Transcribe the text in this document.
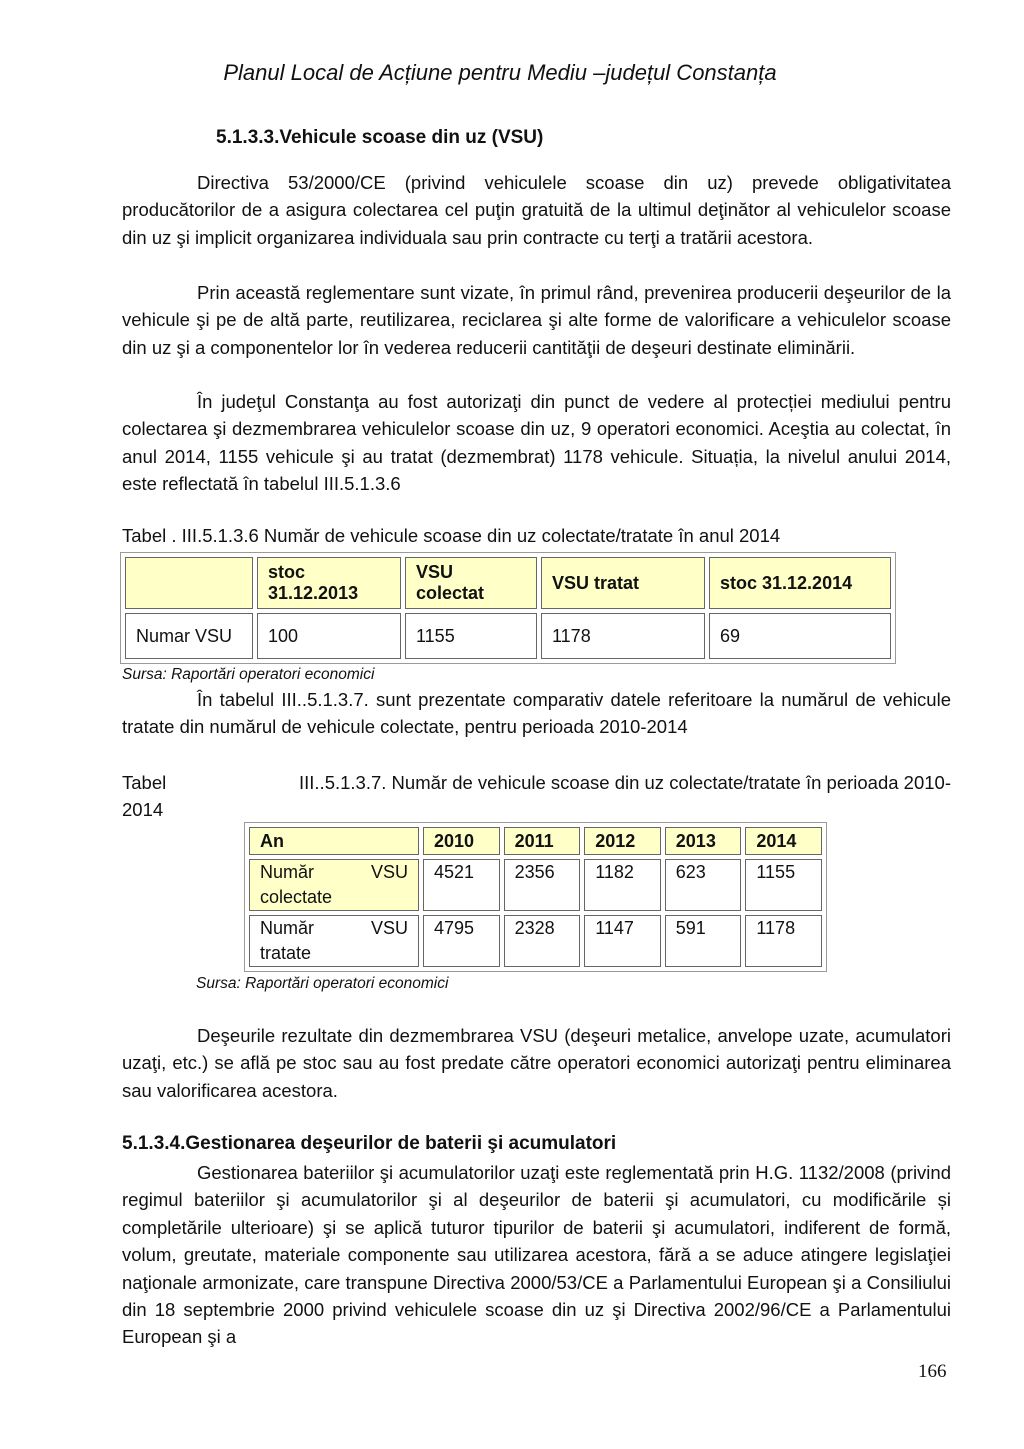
Planul Local de Acțiune pentru Mediu –județul Constanța
5.1.3.3.Vehicule scoase din uz (VSU)
Directiva 53/2000/CE (privind vehiculele scoase din uz) prevede obligativitatea producătorilor de a asigura colectarea cel puţin gratuită de la ultimul deţinător al vehiculelor scoase din uz şi implicit organizarea individuala sau prin contracte cu terţi a tratării acestora.
Prin această reglementare sunt vizate, în primul rând, prevenirea producerii deşeurilor de la vehicule şi pe de altă parte, reutilizarea, reciclarea şi alte forme de valorificare a vehiculelor scoase din uz şi a componentelor lor în vederea reducerii cantităţii de deşeuri destinate eliminării.
În judeţul Constanţa au fost autorizaţi din punct de vedere al protecției mediului pentru colectarea şi dezmembrarea vehiculelor scoase din uz, 9 operatori economici. Aceştia au colectat, în anul 2014, 1155 vehicule şi au tratat (dezmembrat) 1178 vehicule. Situația, la nivelul anului 2014, este reflectată în tabelul III.5.1.3.6
Tabel . III.5.1.3.6 Număr de vehicule scoase din uz colectate/tratate în anul 2014
	stoc 31.12.2013	VSU colectat	VSU tratat	stoc 31.12.2014
Numar VSU	100	1155	1178	69
Sursa: Raportări operatori economici
În tabelul III..5.1.3.7. sunt prezentate comparativ datele referitoare la numărul de vehicule tratate din numărul de vehicule colectate, pentru perioada 2010-2014
Tabel	III..5.1.3.7. Număr de vehicule scoase din uz colectate/tratate în perioada 2010-
2014
An	2010	2011	2012	2013	2014

Număr VSU
colectate	4521	2356	1182	623	1155

Număr VSU
tratate	4795	2328	1147	591	1178
Sursa: Raportări operatori economici
Deşeurile rezultate din dezmembrarea VSU (deşeuri metalice, anvelope uzate, acumulatori uzaţi, etc.) se află pe stoc sau au fost predate către operatori economici autorizaţi pentru eliminarea sau valorificarea acestora.
5.1.3.4.Gestionarea deşeurilor de baterii şi acumulatori
Gestionarea bateriilor şi acumulatorilor uzaţi este reglementată prin H.G. 1132/2008 (privind regimul bateriilor şi acumulatorilor şi al deşeurilor de baterii şi acumulatori, cu modificările și completările ulterioare) şi se aplică tuturor tipurilor de baterii şi acumulatori, indiferent de formă, volum, greutate, materiale componente sau utilizarea acestora, fără a se aduce atingere legislaţiei naţionale armonizate, care transpune Directiva 2000/53/CE a Parlamentului European şi a Consiliului din 18 septembrie 2000 privind vehiculele scoase din uz şi Directiva 2002/96/CE a Parlamentului European şi a
166
